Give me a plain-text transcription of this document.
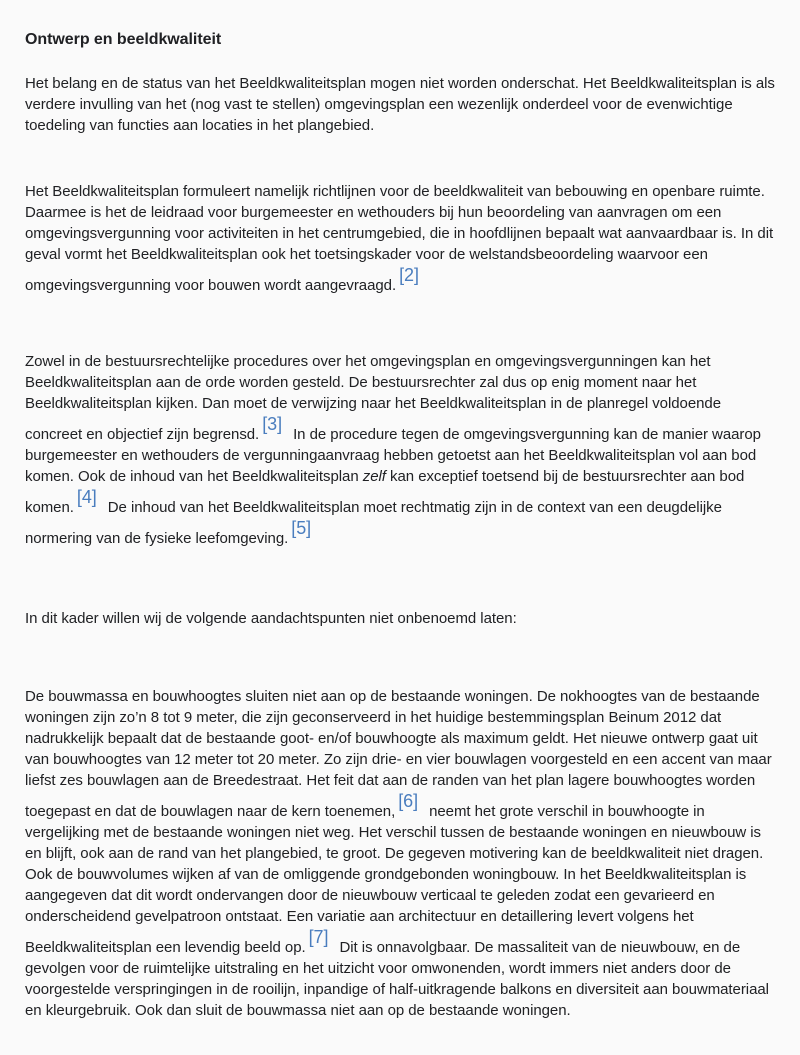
Ontwerp en beeldkwaliteit

Het belang en de status van het Beeldkwaliteitsplan mogen niet worden onderschat. Het Beeldkwaliteitsplan is als verdere invulling van het (nog vast te stellen) omgevingsplan een wezenlijk onderdeel voor de evenwichtige toedeling van functies aan locaties in het plangebied.

Het Beeldkwaliteitsplan formuleert namelijk richtlijnen voor de beeldkwaliteit van bebouwing en openbare ruimte. Daarmee is het de leidraad voor burgemeester en wethouders bij hun beoordeling van aanvragen om een omgevingsvergunning voor activiteiten in het centrumgebied, die in hoofdlijnen bepaalt wat aanvaardbaar is. In dit geval vormt het Beeldkwaliteitsplan ook het toetsingskader voor de welstandsbeoordeling waarvoor een omgevingsvergunning voor bouwen wordt aangevraagd.[2]

Zowel in de bestuursrechtelijke procedures over het omgevingsplan en omgevingsvergunningen kan het Beeldkwaliteitsplan aan de orde worden gesteld. De bestuursrechter zal dus op enig moment naar het Beeldkwaliteitsplan kijken. Dan moet de verwijzing naar het Beeldkwaliteitsplan in de planregel voldoende concreet en objectief zijn begrensd.[3]In de procedure tegen de omgevingsvergunning kan de manier waarop burgemeester en wethouders de vergunningaanvraag hebben getoetst aan het Beeldkwaliteitsplan vol aan bod komen. Ook de inhoud van het Beeldkwaliteitsplan zelf kan exceptief toetsend bij de bestuursrechter aan bod komen.[4]De inhoud van het Beeldkwaliteitsplan moet rechtmatig zijn in de context van een deugdelijke normering van de fysieke leefomgeving.[5]

In dit kader willen wij de volgende aandachtspunten niet onbenoemd laten:

De bouwmassa en bouwhoogtes sluiten niet aan op de bestaande woningen. De nokhoogtes van de bestaande woningen zijn zo’n 8 tot 9 meter, die zijn geconserveerd in het huidige bestemmingsplan Beinum 2012 dat nadrukkelijk bepaalt dat de bestaande goot- en/of bouwhoogte als maximum geldt. Het nieuwe ontwerp gaat uit van bouwhoogtes van 12 meter tot 20 meter. Zo zijn drie- en vier bouwlagen voorgesteld en een accent van maar liefst zes bouwlagen aan de Breedestraat. Het feit dat aan de randen van het plan lagere bouwhoogtes worden toegepast en dat de bouwlagen naar de kern toenemen,[6]neemt het grote verschil in bouwhoogte in vergelijking met de bestaande woningen niet weg. Het verschil tussen de bestaande woningen en nieuwbouw is en blijft, ook aan de rand van het plangebied, te groot. De gegeven motivering kan de beeldkwaliteit niet dragen. Ook de bouwvolumes wijken af van de omliggende grondgebonden woningbouw. In het Beeldkwaliteitsplan is aangegeven dat dit wordt ondervangen door de nieuwbouw verticaal te geleden zodat een gevarieerd en onderscheidend gevelpatroon ontstaat. Een variatie aan architectuur en detaillering levert volgens het Beeldkwaliteitsplan een levendig beeld op.[7]Dit is onnavolgbaar. De massaliteit van de nieuwbouw, en de gevolgen voor de ruimtelijke uitstraling en het uitzicht voor omwonenden, wordt immers niet anders door de voorgestelde verspringingen in de rooilijn, inpandige of half-uitkragende balkons en diversiteit aan bouwmateriaal en kleurgebruik. Ook dan sluit de bouwmassa niet aan op de bestaande woningen.
